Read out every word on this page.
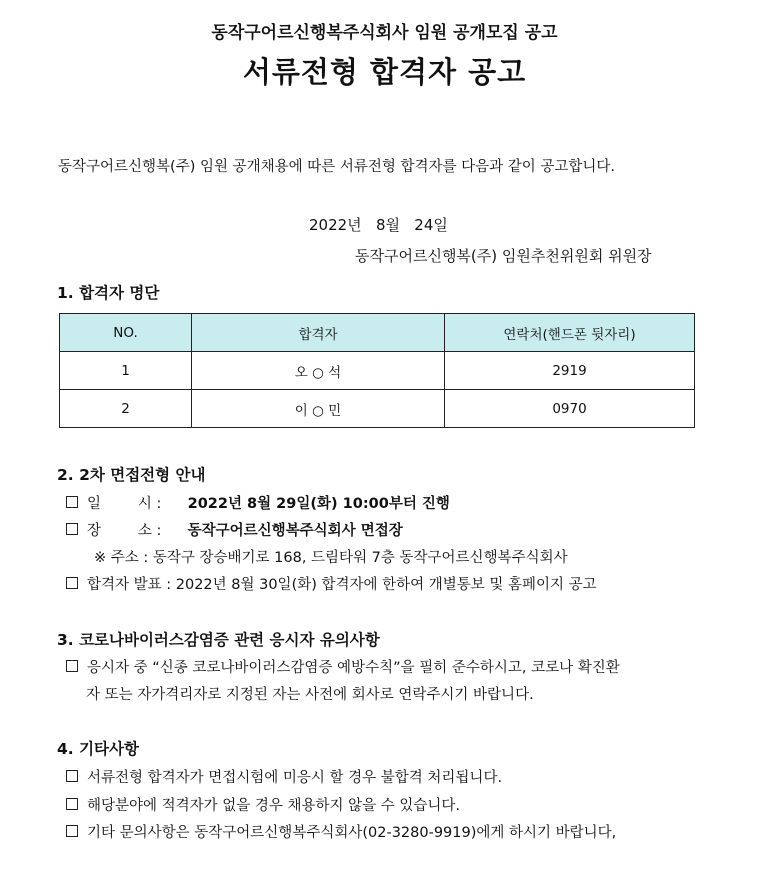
동작구어르신행복주식회사 임원 공개모집 공고
서류전형 합격자 공고
동작구어르신행복(주) 임원 공개채용에 따른 서류전형 합격자를 다음과 같이 공고합니다.
2022년   8월   24일
동작구어르신행복(주) 임원추천위원회 위원장
1. 합격자 명단
NO.	합격자	연락처(핸드폰 뒷자리)
1	오 ○ 석	2919
2	이 ○ 민	0970
2. 2차 면접전형 안내
일        시 : 2022년 8월 29일(화) 10:00부터 진행
장        소 : 동작구어르신행복주식회사 면접장
※ 주소 : 동작구 장승배기로 168, 드림타워 7층 동작구어르신행복주식회사
합격자 발표 : 2022년 8월 30일(화) 합격자에 한하여 개별통보 및 홈페이지 공고
3. 코로나바이러스감염증 관련 응시자 유의사항
응시자 중 “신종 코로나바이러스감염증 예방수칙”을 필히 준수하시고, 코로나 확진환
자 또는 자가격리자로 지정된 자는 사전에 회사로 연락주시기 바랍니다.
4. 기타사항
서류전형 합격자가 면접시험에 미응시 할 경우 불합격 처리됩니다.
해당분야에 적격자가 없을 경우 채용하지 않을 수 있습니다.
기타 문의사항은 동작구어르신행복주식회사(02-3280-9919)에게 하시기 바랍니다,
